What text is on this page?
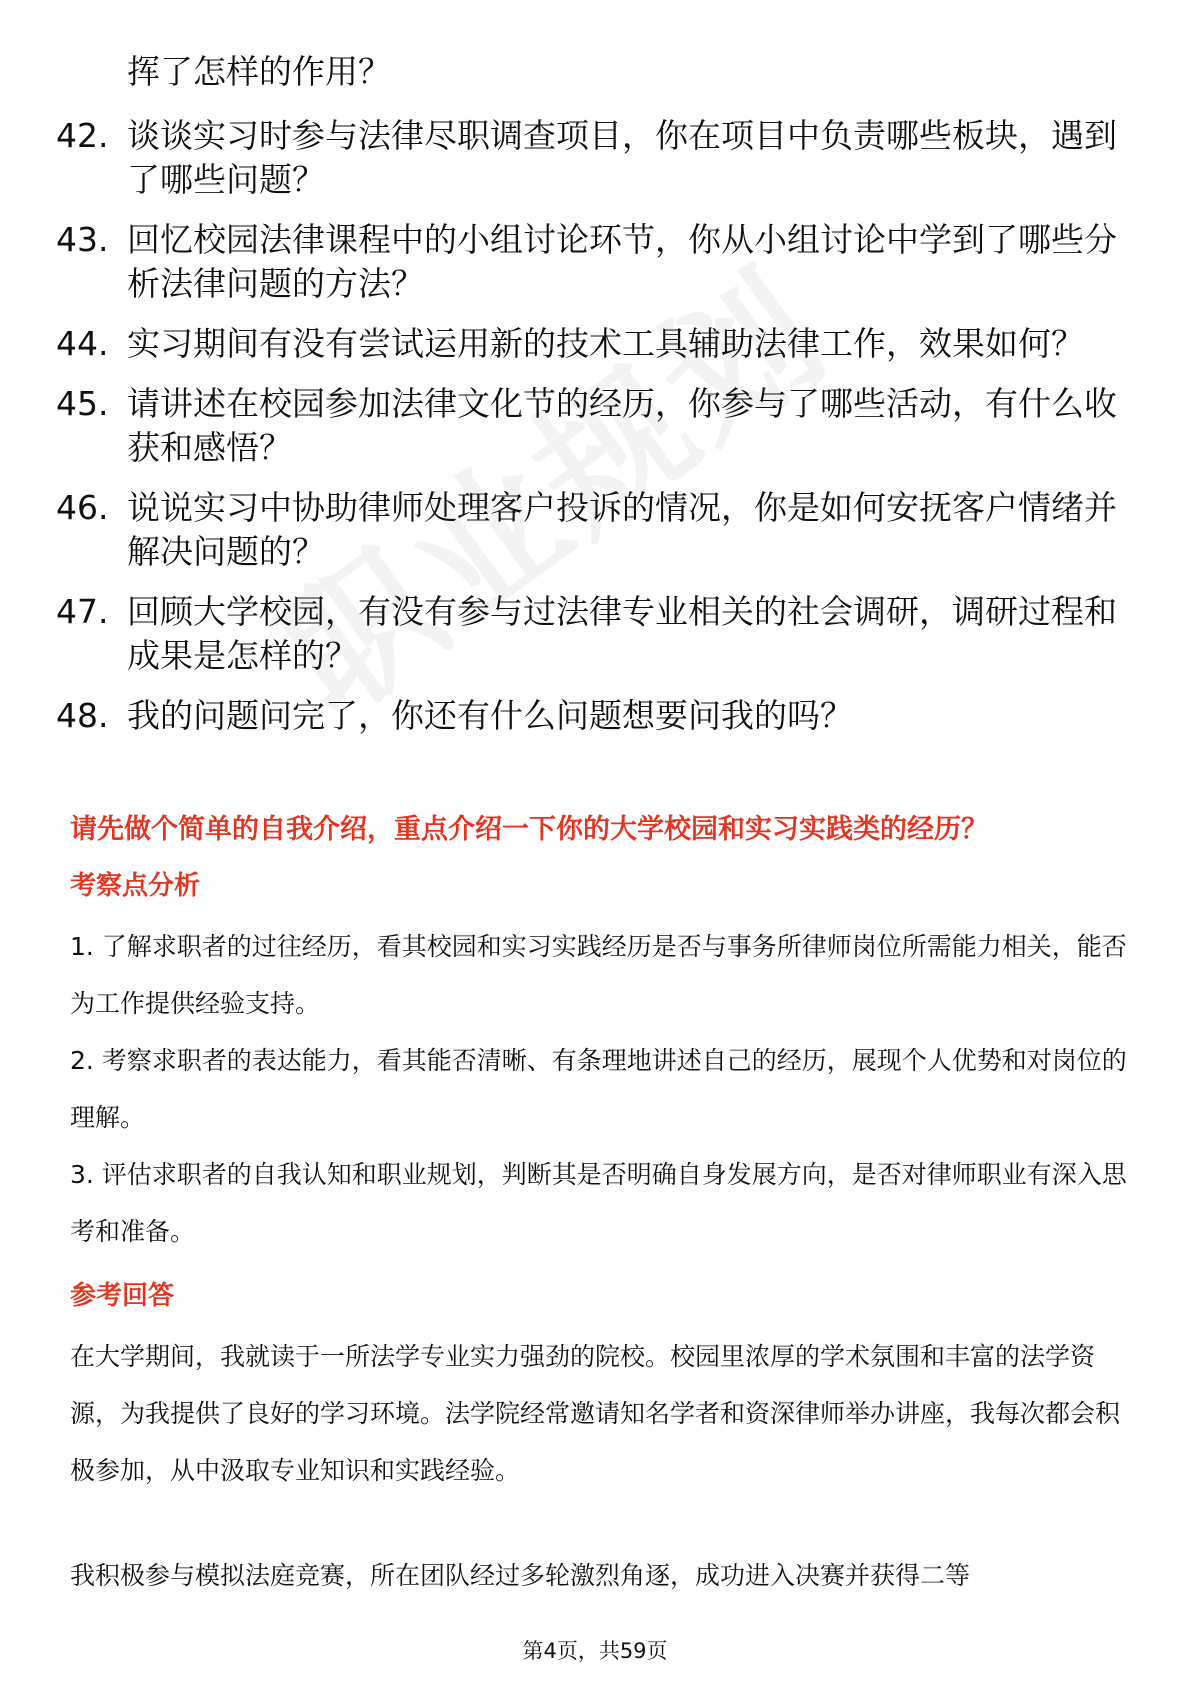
挥了怎样的作用？
42. 谈谈实习时参与法律尽职调查项目，你在项目中负责哪些板块，遇到了哪些问题？
43. 回忆校园法律课程中的小组讨论环节，你从小组讨论中学到了哪些分析法律问题的方法？
44. 实习期间有没有尝试运用新的技术工具辅助法律工作，效果如何？
45. 请讲述在校园参加法律文化节的经历，你参与了哪些活动，有什么收获和感悟？
46. 说说实习中协助律师处理客户投诉的情况，你是如何安抚客户情绪并解决问题的？
47. 回顾大学校园，有没有参与过法律专业相关的社会调研，调研过程和成果是怎样的？
48. 我的问题问完了，你还有什么问题想要问我的吗？
请先做个简单的自我介绍，重点介绍一下你的大学校园和实习实践类的经历？
考察点分析

1. 了解求职者的过往经历，看其校园和实习实践经历是否与事务所律师岗位所需能力相关，能否为工作提供经验支持。

2. 考察求职者的表达能力，看其能否清晰、有条理地讲述自己的经历，展现个人优势和对岗位的理解。

3. 评估求职者的自我认知和职业规划，判断其是否明确自身发展方向，是否对律师职业有深入思考和准备。

参考回答

在大学期间，我就读于一所法学专业实力强劲的院校。校园里浓厚的学术氛围和丰富的法学资源，为我提供了良好的学习环境。法学院经常邀请知名学者和资深律师举办讲座，我每次都会积极参加，从中汲取专业知识和实践经验。

我积极参与模拟法庭竞赛，所在团队经过多轮激烈角逐，成功进入决赛并获得二等

第4页，共59页
